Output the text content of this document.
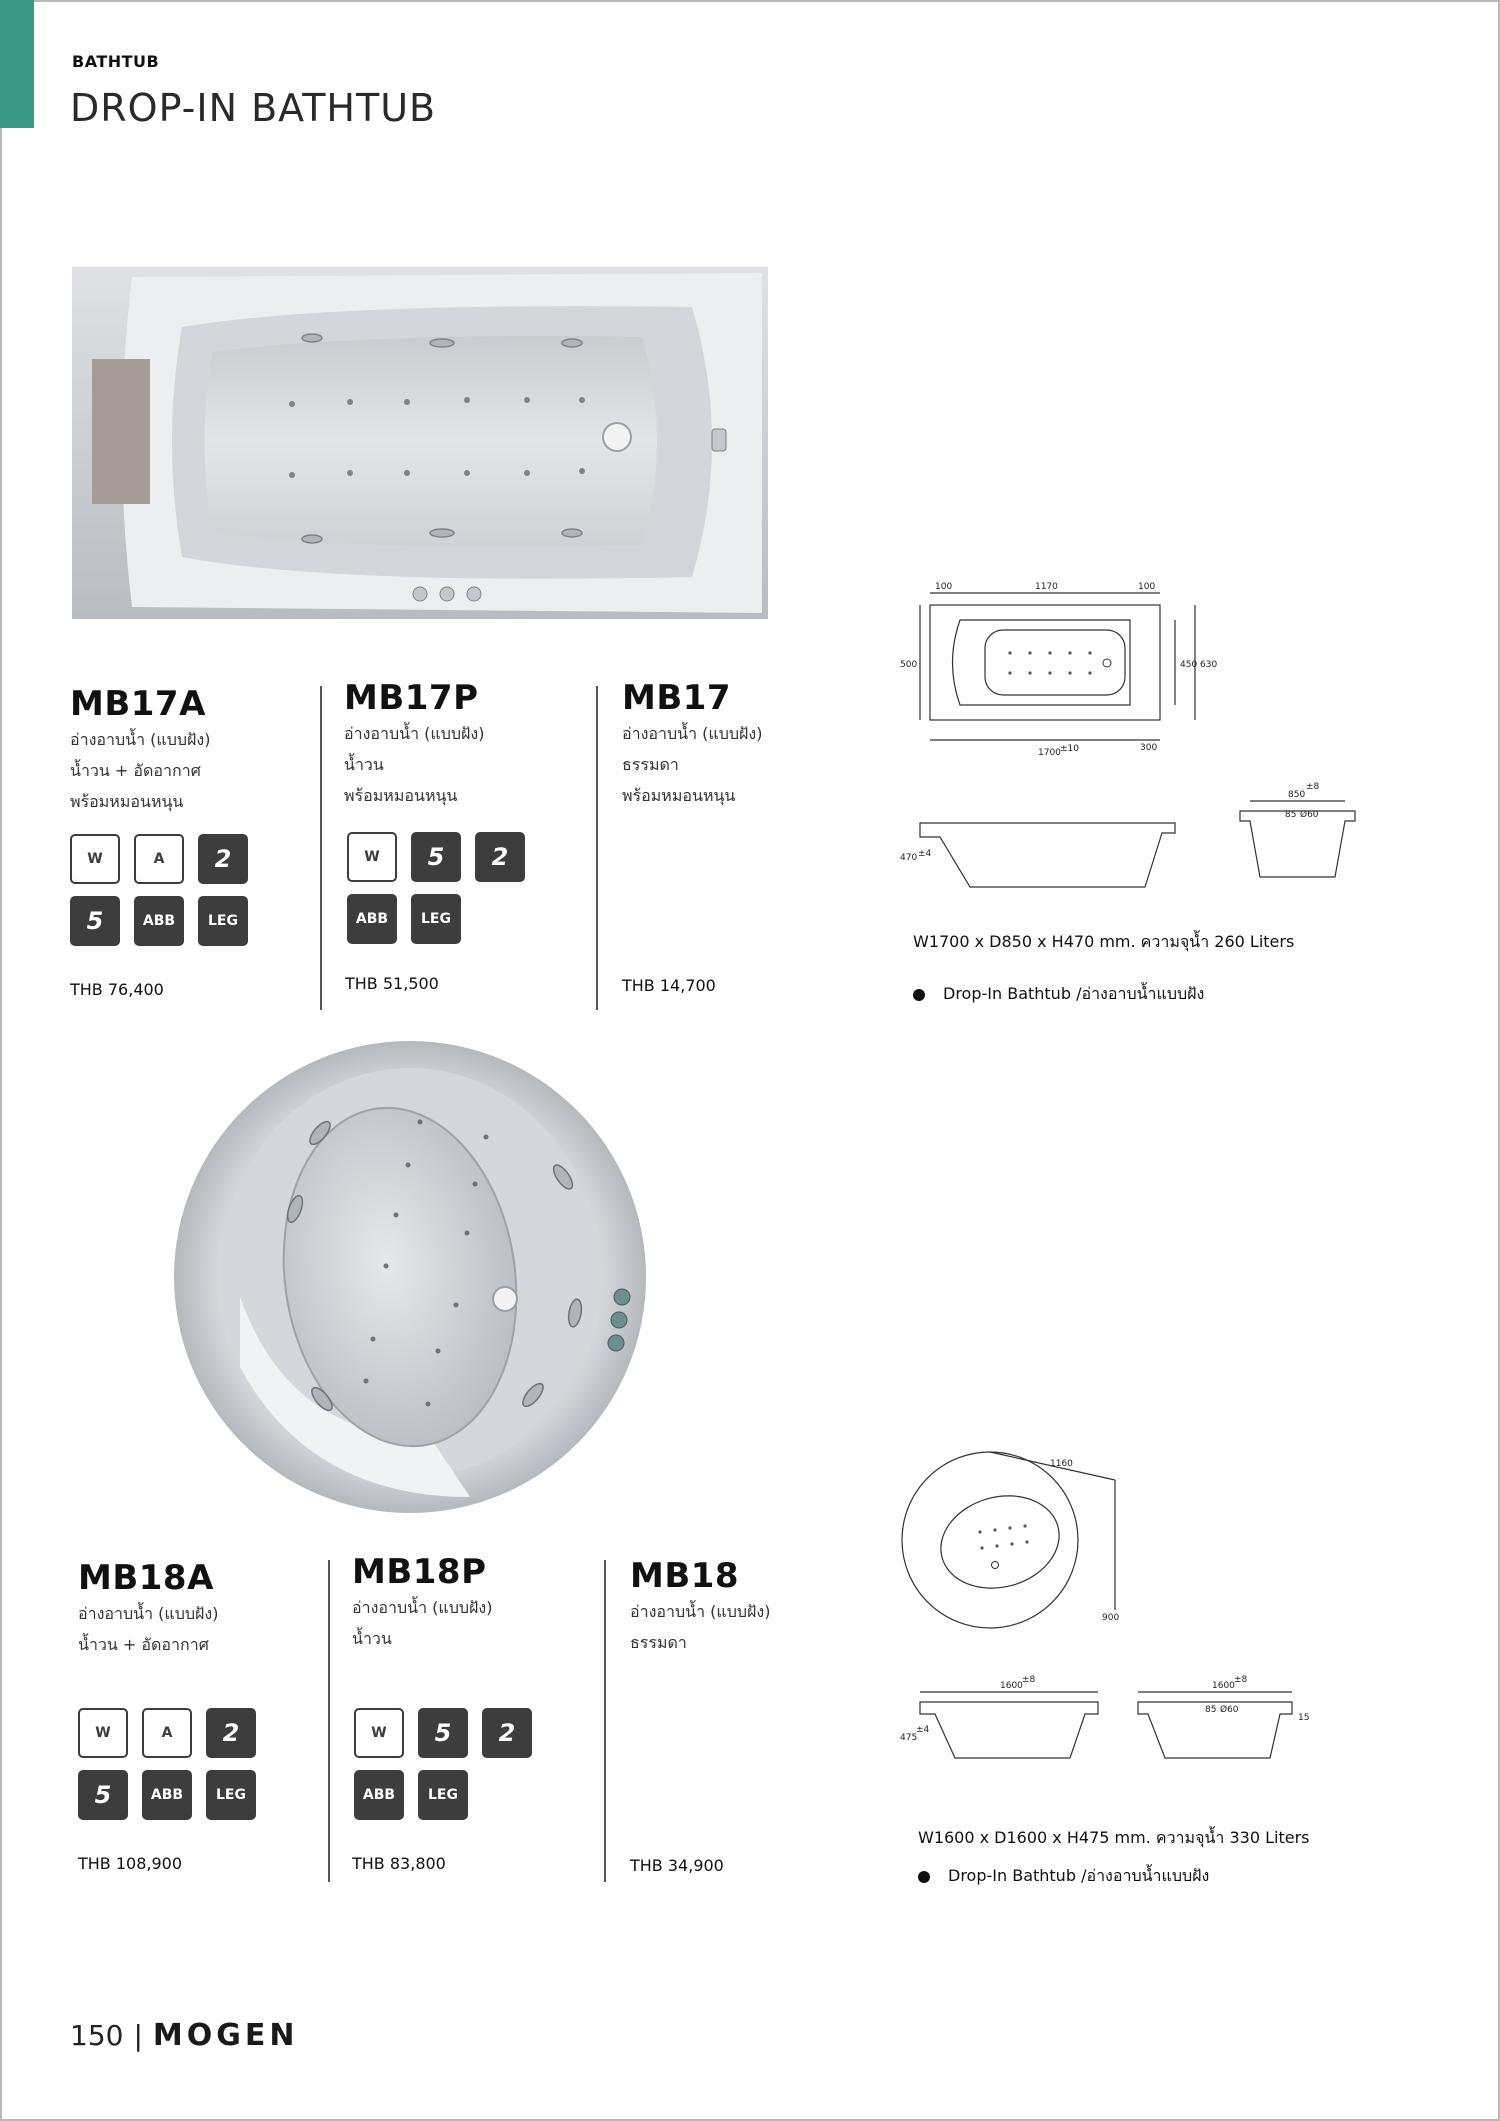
BATHTUB
DROP-IN BATHTUB
MB17A
อ่างอาบน้ำ (แบบฝัง)
น้ำวน + อัดอากาศ
พร้อมหมอนหนุน
W	A	2
5	ABB	LEG
THB 76,400
MB17P
อ่างอาบน้ำ (แบบฝัง)
น้ำวน
พร้อมหมอนหนุน
W	5	2
ABB	LEG
THB 51,500
MB17
อ่างอาบน้ำ (แบบฝัง)
ธรรมดา
พร้อมหมอนหนุน
THB 14,700
100	1170	100
500	450 630
1700 ±10	300
470 ±4
850
±8
85 Ø60
W1700 x D850 x H470 mm. ความจุน้ำ 260 Liters
Drop-In Bathtub /อ่างอาบน้ำแบบฝัง
MB18A
อ่างอาบน้ำ (แบบฝัง)
น้ำวน + อัดอากาศ
W	A	2
5	ABB	LEG
THB 108,900
MB18P
อ่างอาบน้ำ (แบบฝัง)
น้ำวน
W	5	2
ABB	LEG
THB 83,800
MB18
อ่างอาบน้ำ (แบบฝัง)
ธรรมดา
THB 34,900
1160
900
1600
±8
1600
±8
475
±4
85 Ø60
15
W1600 x D1600 x H475 mm. ความจุน้ำ 330 Liters
Drop-In Bathtub /อ่างอาบน้ำแบบฝัง
150 | MOGEN
